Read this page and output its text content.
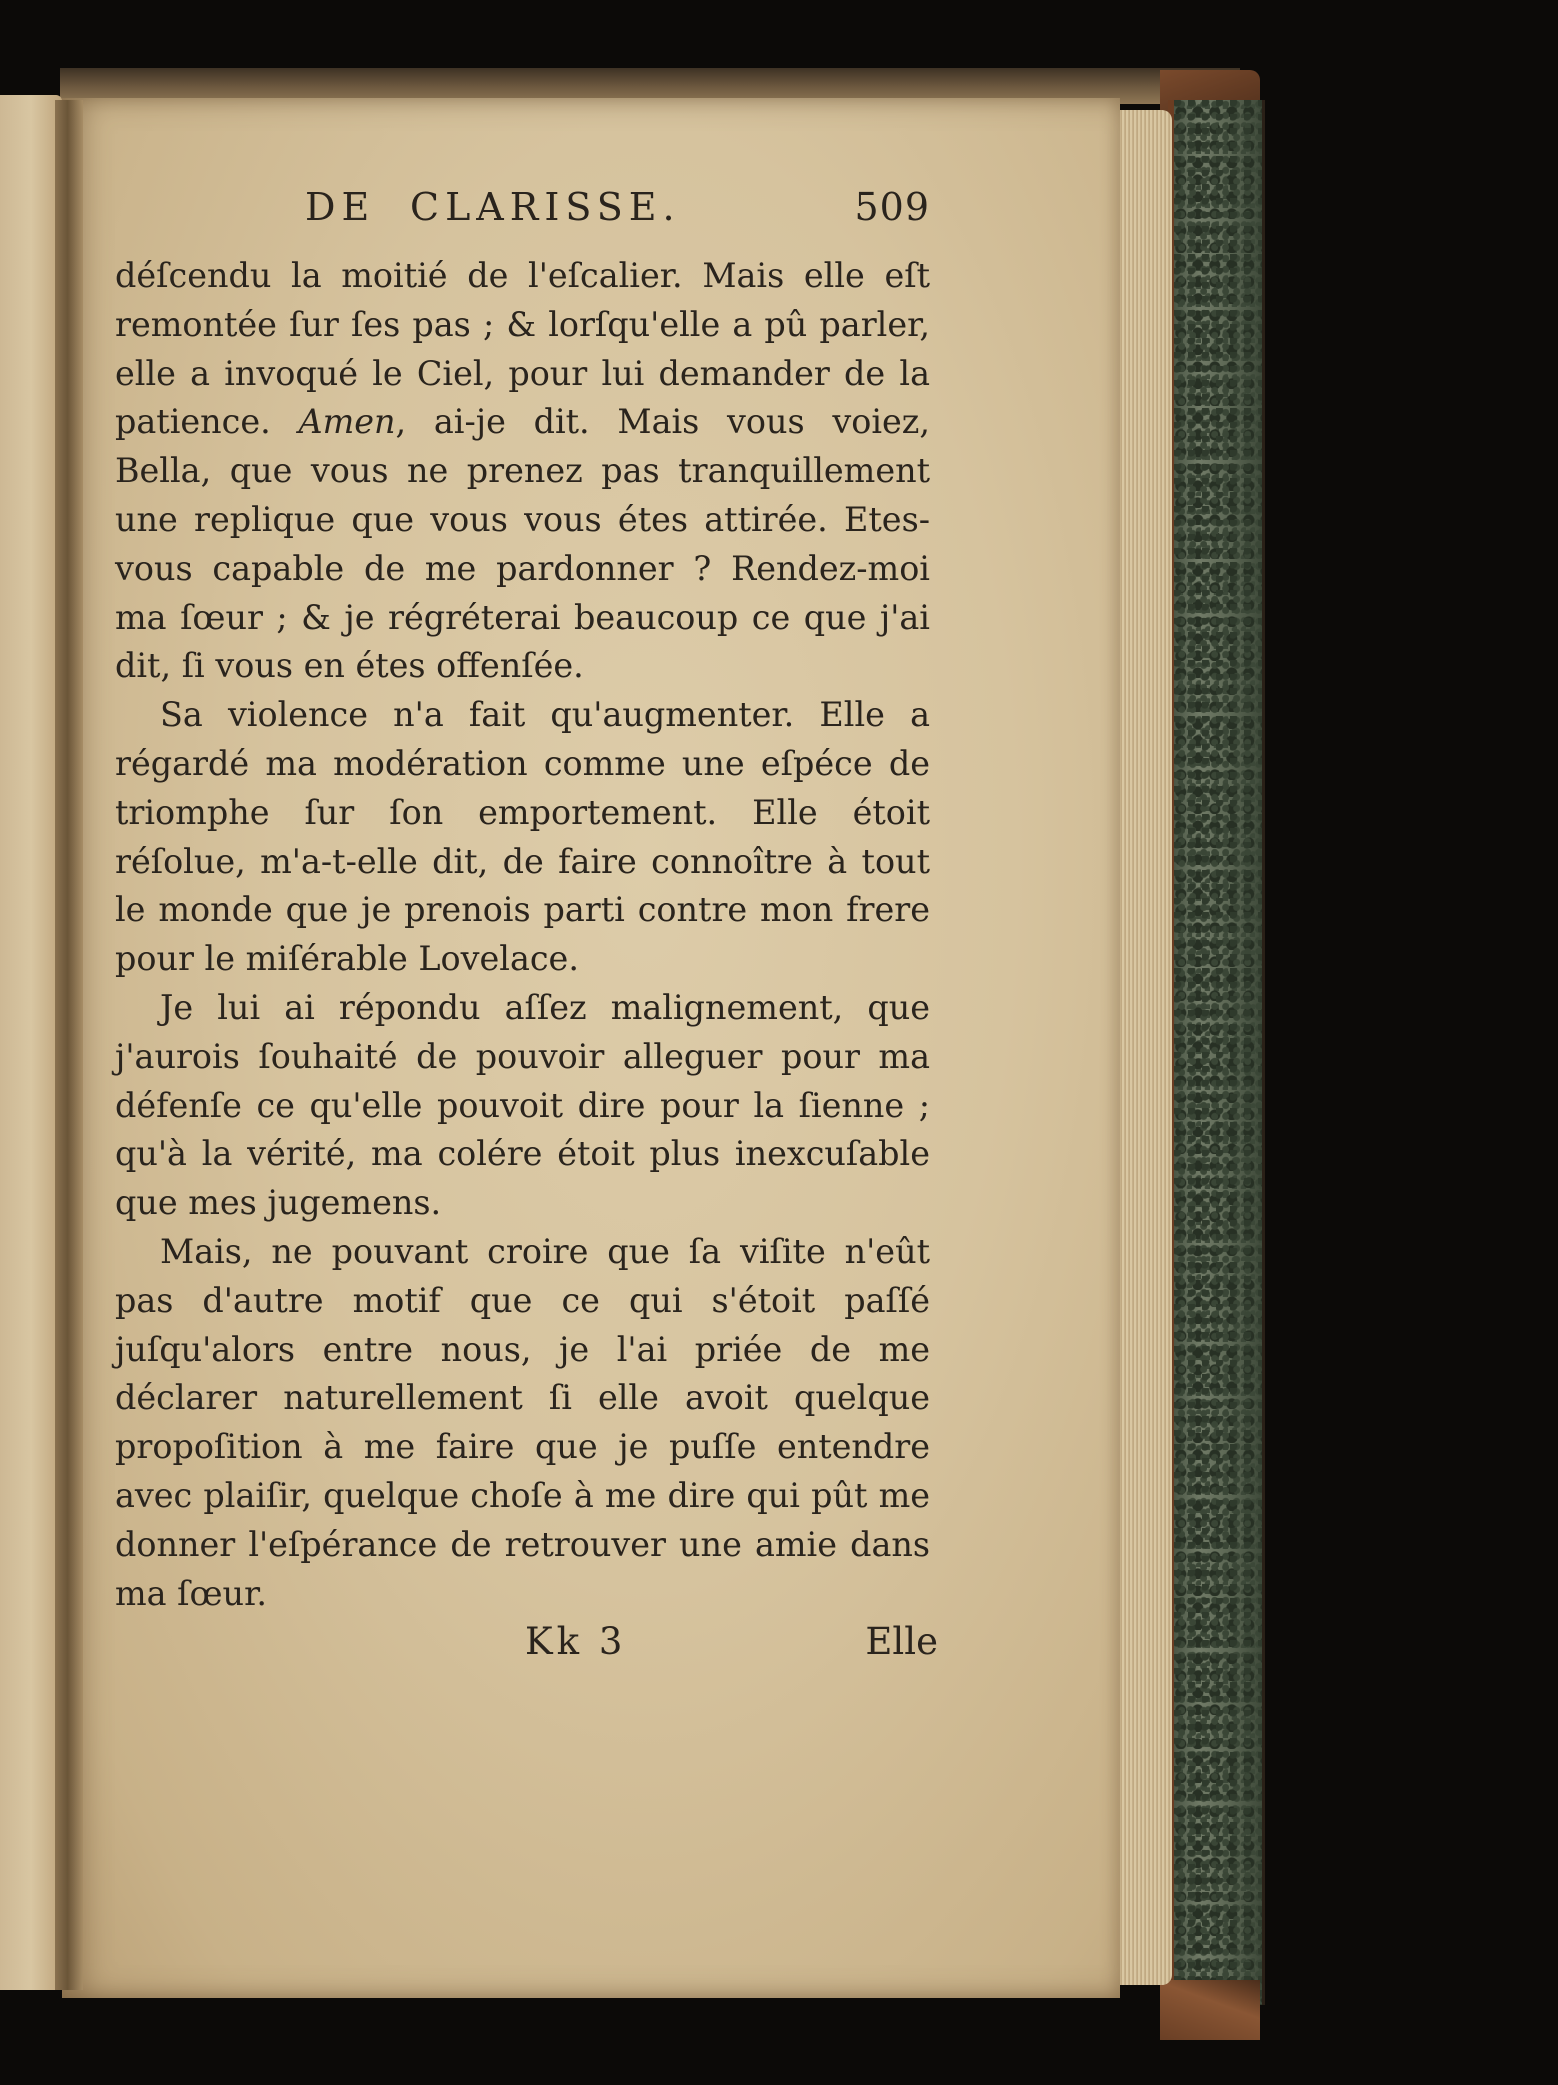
DE CLARISSE.	509

déſcendu la moitié de l'eſcalier. Mais elle eſt remontée ſur ſes pas ; & lorſqu'elle a pû parler, elle a invoqué le Ciel, pour lui demander de la patience. Amen, ai-je dit. Mais vous voiez, Bella, que vous ne prenez pas tranquillement une replique que vous vous étes attirée. Etes-vous capable de me pardonner ? Rendez-moi ma ſœur ; & je régréterai beaucoup ce que j'ai dit, ſi vous en étes offenſée.

Sa violence n'a fait qu'augmenter. Elle a régardé ma modération comme une eſpéce de triomphe ſur ſon emportement. Elle étoit réſolue, m'a-t-elle dit, de faire connoître à tout le monde que je prenois parti contre mon frere pour le miſérable Lovelace.

Je lui ai répondu aſſez malignement, que j'aurois ſouhaité de pouvoir alleguer pour ma défenſe ce qu'elle pouvoit dire pour la ſienne ; qu'à la vérité, ma colére étoit plus inexcuſable que mes jugemens.

Mais, ne pouvant croire que ſa viſite n'eût pas d'autre motif que ce qui s'étoit paſſé juſqu'alors entre nous, je l'ai priée de me déclarer naturellement ſi elle avoit quelque propoſition à me faire que je puſſe entendre avec plaiſir, quelque choſe à me dire qui pût me donner l'eſpérance de retrouver une amie dans ma ſœur.

Kk 3	Elle
